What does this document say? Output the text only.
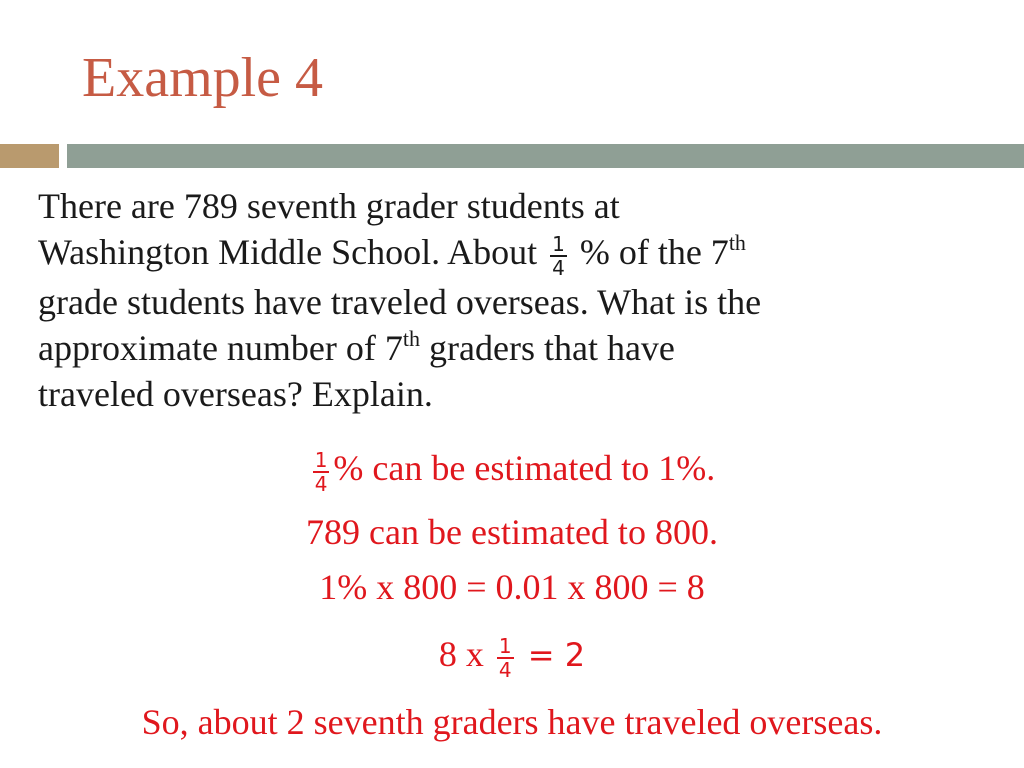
Example 4
There are 789 seventh grader students at
Washington Middle School. About $\frac{1}{4}$ % of the 7th
grade students have traveled overseas. What is the
approximate number of 7th graders that have
traveled overseas? Explain.
$\frac{1}{4}$ % can be estimated to 1%.
789 can be estimated to 800.
1% x 800 = 0.01 x 800 = 8
8 x $\frac{1}{4} = 2$
So, about 2 seventh graders have traveled overseas.
